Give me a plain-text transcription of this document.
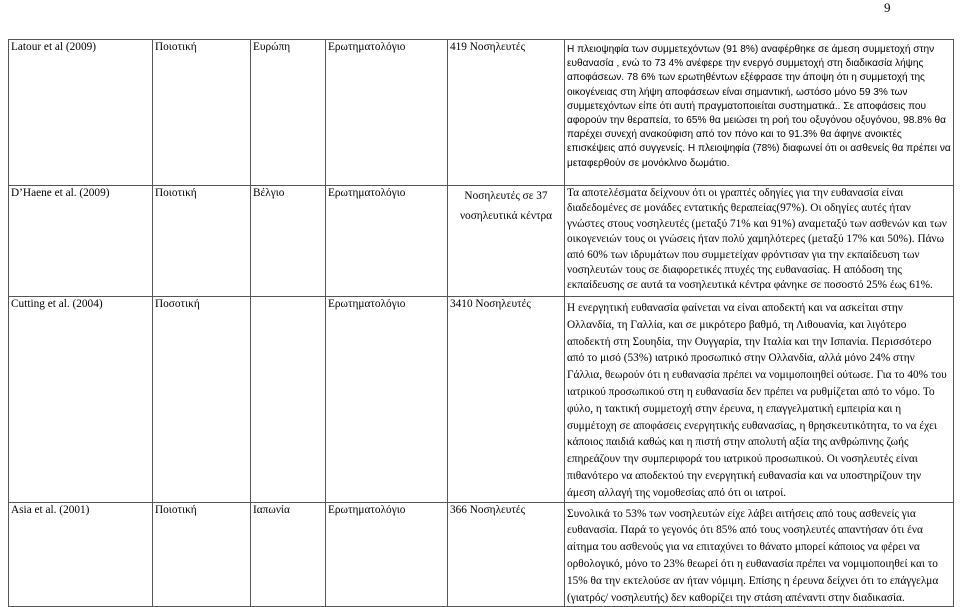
9
Latour et al (2009)	Ποιοτική	Ευρώπη	Ερωτηματολόγιο	419 Νοσηλευτές	Η πλειοψηφία των συμμετεχόντων (91 8%) αναφέρθηκε σε άμεση συμμετοχή στην ευθανασία , ενώ το 73 4% ανέφερε την ενεργό συμμετοχή στη διαδικασία λήψης αποφάσεων. 78 6% των ερωτηθέντων εξέφρασε την άποψη ότι η συμμετοχή της οικογένειας στη λήψη αποφάσεων είναι σημαντική, ωστόσο μόνο 59 3% των συμμετεχόντων είπε ότι αυτή πραγματοποιείται συστηματικά.. Σε αποφάσεις που αφορούν την θεραπεία, το 65% θα μειώσει τη ροή του οξυγόνου οξυγόνου, 98.8% θα παρέχει συνεχή ανακούφιση από τον πόνο και το 91.3% θα άφηνε ανοικτές επισκέψεις από συγγενείς. Η πλειοψηφία (78%) διαφωνεί ότι οι ασθενείς θα πρέπει να μεταφερθούν σε μονόκλινο δωμάτιο.
D’Haene et al. (2009)	Ποιοτική	Βέλγιο	Ερωτηματολόγιο	Νοσηλευτές σε 37 νοσηλευτικά κέντρα	Τα αποτελέσματα δείχνουν ότι οι γραπτές οδηγίες για την ευθανασία είναι διαδεδομένες σε μονάδες εντατικής θεραπείας(97%). Οι οδηγίες αυτές ήταν γνώστες στους νοσηλευτές (μεταξύ 71% και 91%) αναμεταξύ των ασθενών και των οικογενειών τους οι γνώσεις ήταν πολύ χαμηλότερες (μεταξύ 17% και 50%). Πάνω από 60% των ιδρυμάτων που συμμετείχαν φρόντισαν για την εκπαίδευση των νοσηλευτών τους σε διαφορετικές πτυχές της ευθανασίας. Η απόδοση της εκπαίδευσης σε αυτά τα νοσηλευτικά κέντρα φάνηκε σε ποσοστό 25% έως 61%.
Cutting et al. (2004)	Ποσοτική		Ερωτηματολόγιο	3410 Νοσηλευτές	Η ενεργητική ευθανασία φαίνεται να είναι αποδεκτή και να ασκείται στην Ολλανδία, τη Γαλλία, και σε μικρότερο βαθμό, τη Λιθουανία, και λιγότερο αποδεκτή στη Σουηδία, την Ουγγαρία, την Ιταλία και την Ισπανία. Περισσότερο από το μισό (53%) ιατρικό προσωπικό στην Ολλανδία, αλλά μόνο 24% στην Γάλλια, θεωρούν ότι η ευθανασία πρέπει να νομιμοποιηθεί ούτωσε. Για το 40% του ιατρικού προσωπικού στη η ευθανασία δεν πρέπει να ρυθμίζεται από το νόμο. Το φύλο, η τακτική συμμετοχή στην έρευνα, η επαγγελματική εμπειρία και η συμμέτοχη σε αποφάσεις ενεργητικής ευθανασίας, η θρησκευτικότητα, το να έχει κάποιος παιδιά καθώς και η πιστή στην απολυτή αξία της ανθρώπινης ζωής επηρεάζουν την συμπεριφορά του ιατρικού προσωπικού. Οι νοσηλευτές είναι πιθανότερο να αποδεκτού την ενεργητική ευθανασία και να υποστηρίζουν την άμεση αλλαγή της νομοθεσίας από ότι οι ιατροί.
Asia et al. (2001)	Ποιοτική	Ιαπωνία	Ερωτηματολόγιο	366 Νοσηλευτές	Συνολικά το 53% των νοσηλευτών είχε λάβει αιτήσεις από τους ασθενείς για ευθανασία. Παρά το γεγονός ότι 85% από τους νοσηλευτές απαντήσαν ότι ένα αίτημα του ασθενούς για να επιταχύνει το θάνατο μπορεί κάποιος να φέρει να ορθολογικό, μόνο το 23% θεωρεί ότι η ευθανασία πρέπει να νομιμοποιηθεί και το 15% θα την εκτελούσε αν ήταν νόμιμη. Επίσης η έρευνα δείχνει ότι το επάγγελμα (γιατρός/ νοσηλευτής) δεν καθορίζει την στάση απέναντι στην διαδικασία.
